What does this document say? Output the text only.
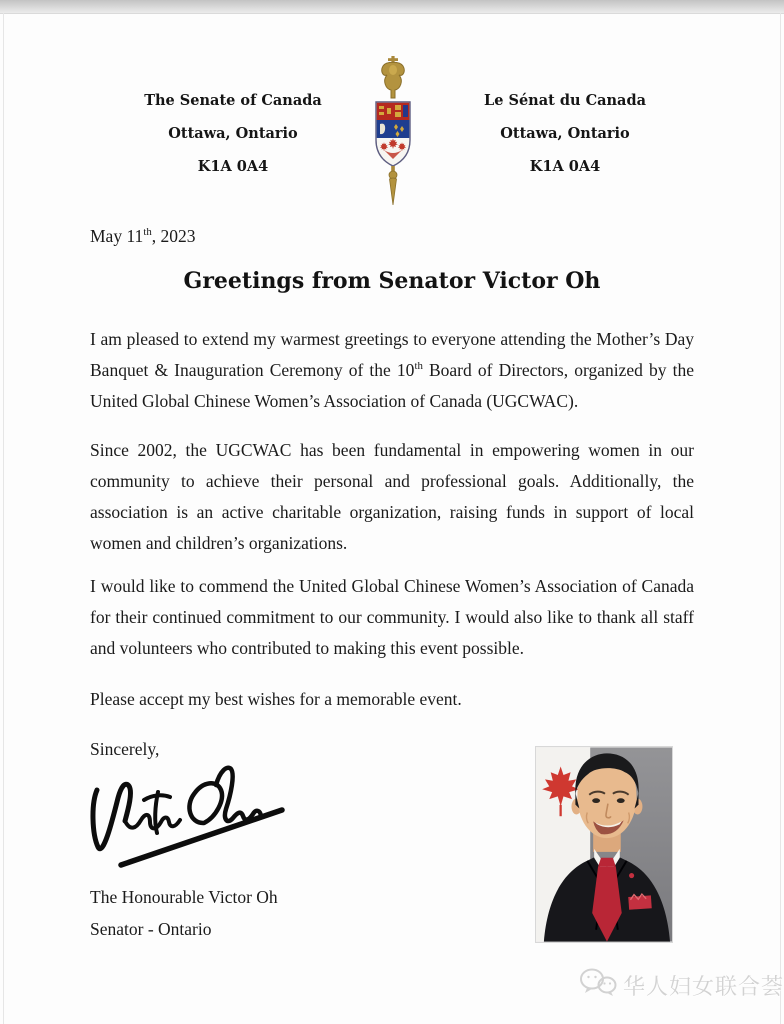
The Senate of Canada
Ottawa, Ontario
K1A 0A4
Le Sénat du Canada
Ottawa, Ontario
K1A 0A4
May 11th, 2023
Greetings from Senator Victor Oh
I am pleased to extend my warmest greetings to everyone attending the Mother’s Day Banquet & Inauguration Ceremony of the 10th Board of Directors, organized by the United Global Chinese Women’s Association of Canada (UGCWAC).
Since 2002, the UGCWAC has been fundamental in empowering women in our community to achieve their personal and professional goals. Additionally, the association is an active charitable organization, raising funds in support of local women and children’s organizations.
I would like to commend the United Global Chinese Women’s Association of Canada for their continued commitment to our community. I would also like to thank all staff and volunteers who contributed to making this event possible.
Please accept my best wishes for a memorable event.
Sincerely,
The Honourable Victor Oh
Senator - Ontario
华人妇女联合荟
